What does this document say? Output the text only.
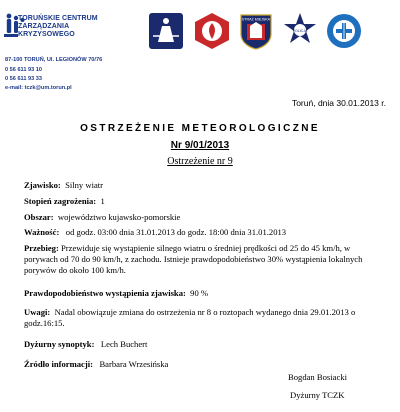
TORUŃSKIE CENTRUM
ZARZĄDZANIA KRYZYSOWEGO
87-100 TORUŃ, Ul. LEGIONÓW 70/76
0 56 611 93 10
0 56 611 93 33
e-mail: tczk@um.torun.pl
STRAŻ MIEJSKA
POLICJA
Toruń, dnia 30.01.2013 r.
OSTRZEŻENIE METEOROLOGICZNE
Nr 9/01/2013
Ostrzeżenie nr 9
Zjawisko: Silny wiatr
Stopień zagrożenia: 1
Obszar: województwo kujawsko-pomorskie
Ważność: od godz. 03:00 dnia 31.01.2013 do godz. 18:00 dnia 31.01.2013
Przebieg: Przewiduje się wystąpienie silnego wiatru o średniej prędkości od 25 do 45 km/h, w porywach od 70 do 90 km/h, z zachodu. Istnieje prawdopodobieństwo 30% wystąpienia lokalnych porywów do około 100 km/h.
Prawdopodobieństwo wystąpienia zjawiska: 90 %
Uwagi: Nadal obowiązuje zmiana do ostrzeżenia nr 8 o roztopach wydanego dnia 29.01.2013 o godz.16:15.
Dyżurny synoptyk: Lech Buchert
Źródło informacji: Barbara Wrzesińska
Bogdan Bosiacki
Dyżurny TCZK
